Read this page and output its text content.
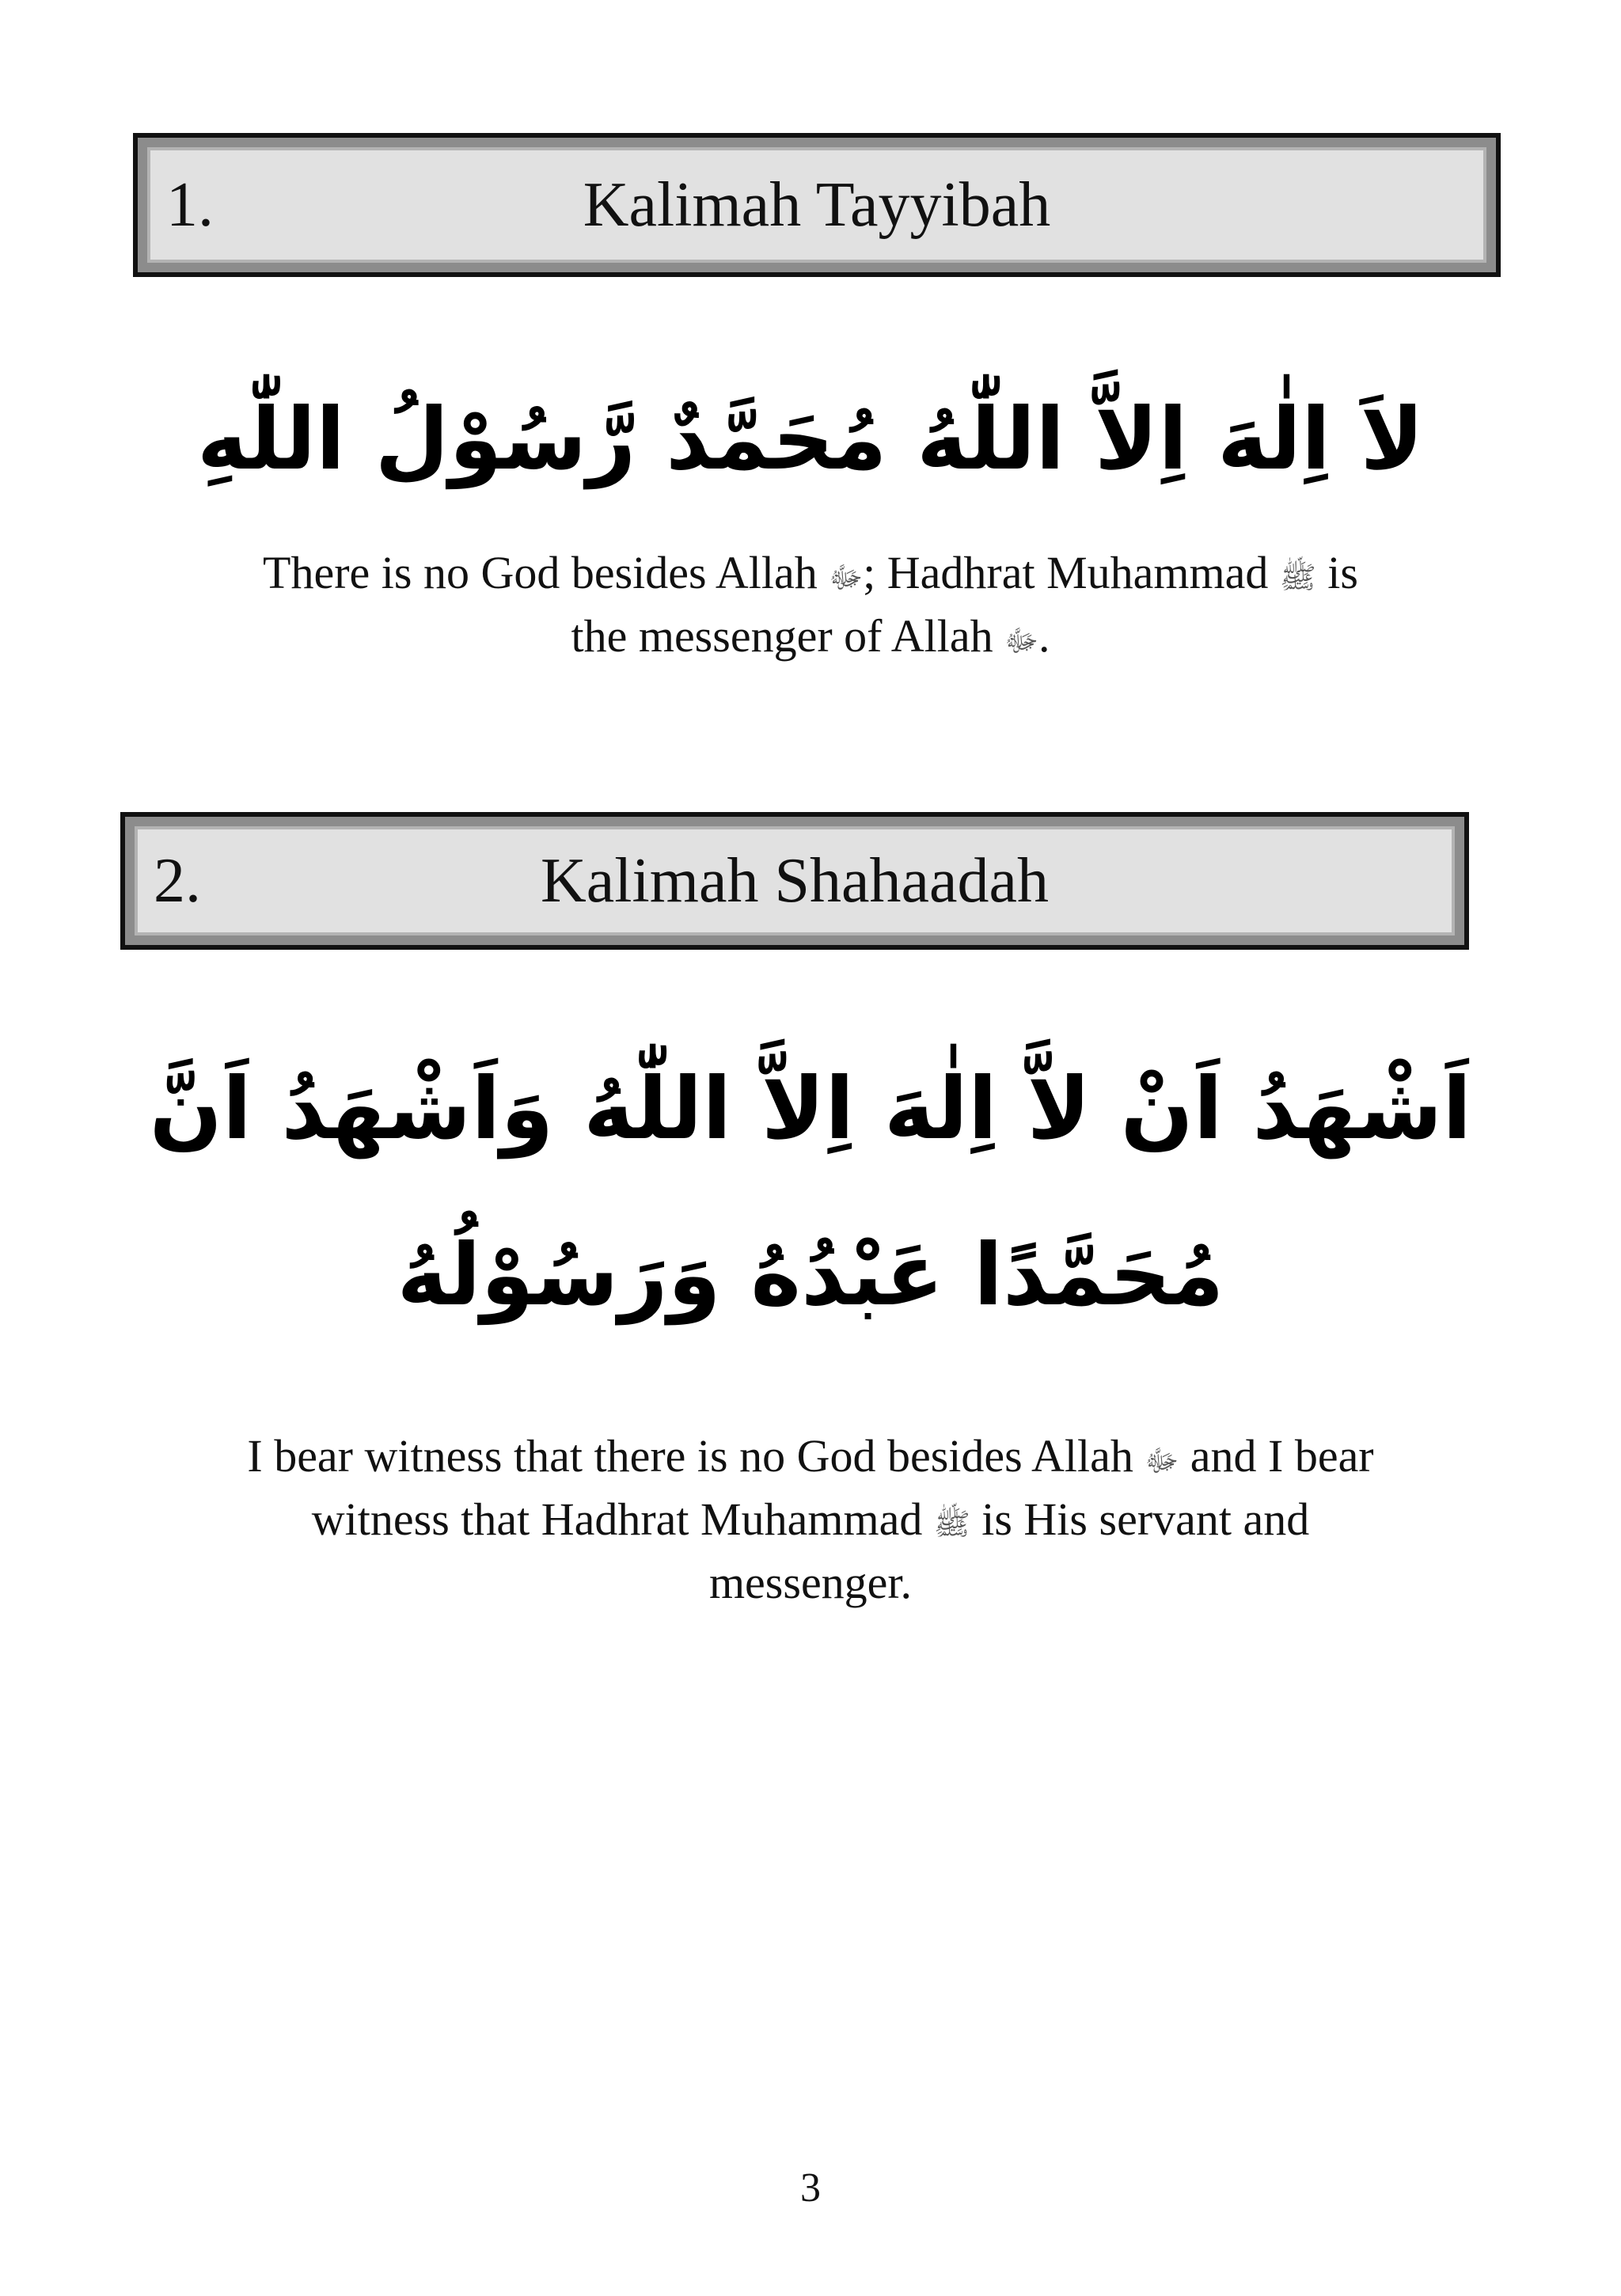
1.	Kalimah Tayyibah
لاَ اِلٰهَ اِلاَّ اللّٰهُ مُحَمَّدٌ رَّسُوْلُ اللّٰهِ
There is no God besides Allah ﷻ; Hadhrat Muhammad ﷺ is
the messenger of Allah ﷻ.
2.	Kalimah Shahaadah
اَشْهَدُ اَنْ لاَّ اِلٰهَ اِلاَّ اللّٰهُ وَاَشْهَدُ اَنَّ
مُحَمَّدًا عَبْدُهُ وَرَسُوْلُهُ
I bear witness that there is no God besides Allah ﷻ and I bear
witness that Hadhrat Muhammad ﷺ is His servant and
messenger.
3
